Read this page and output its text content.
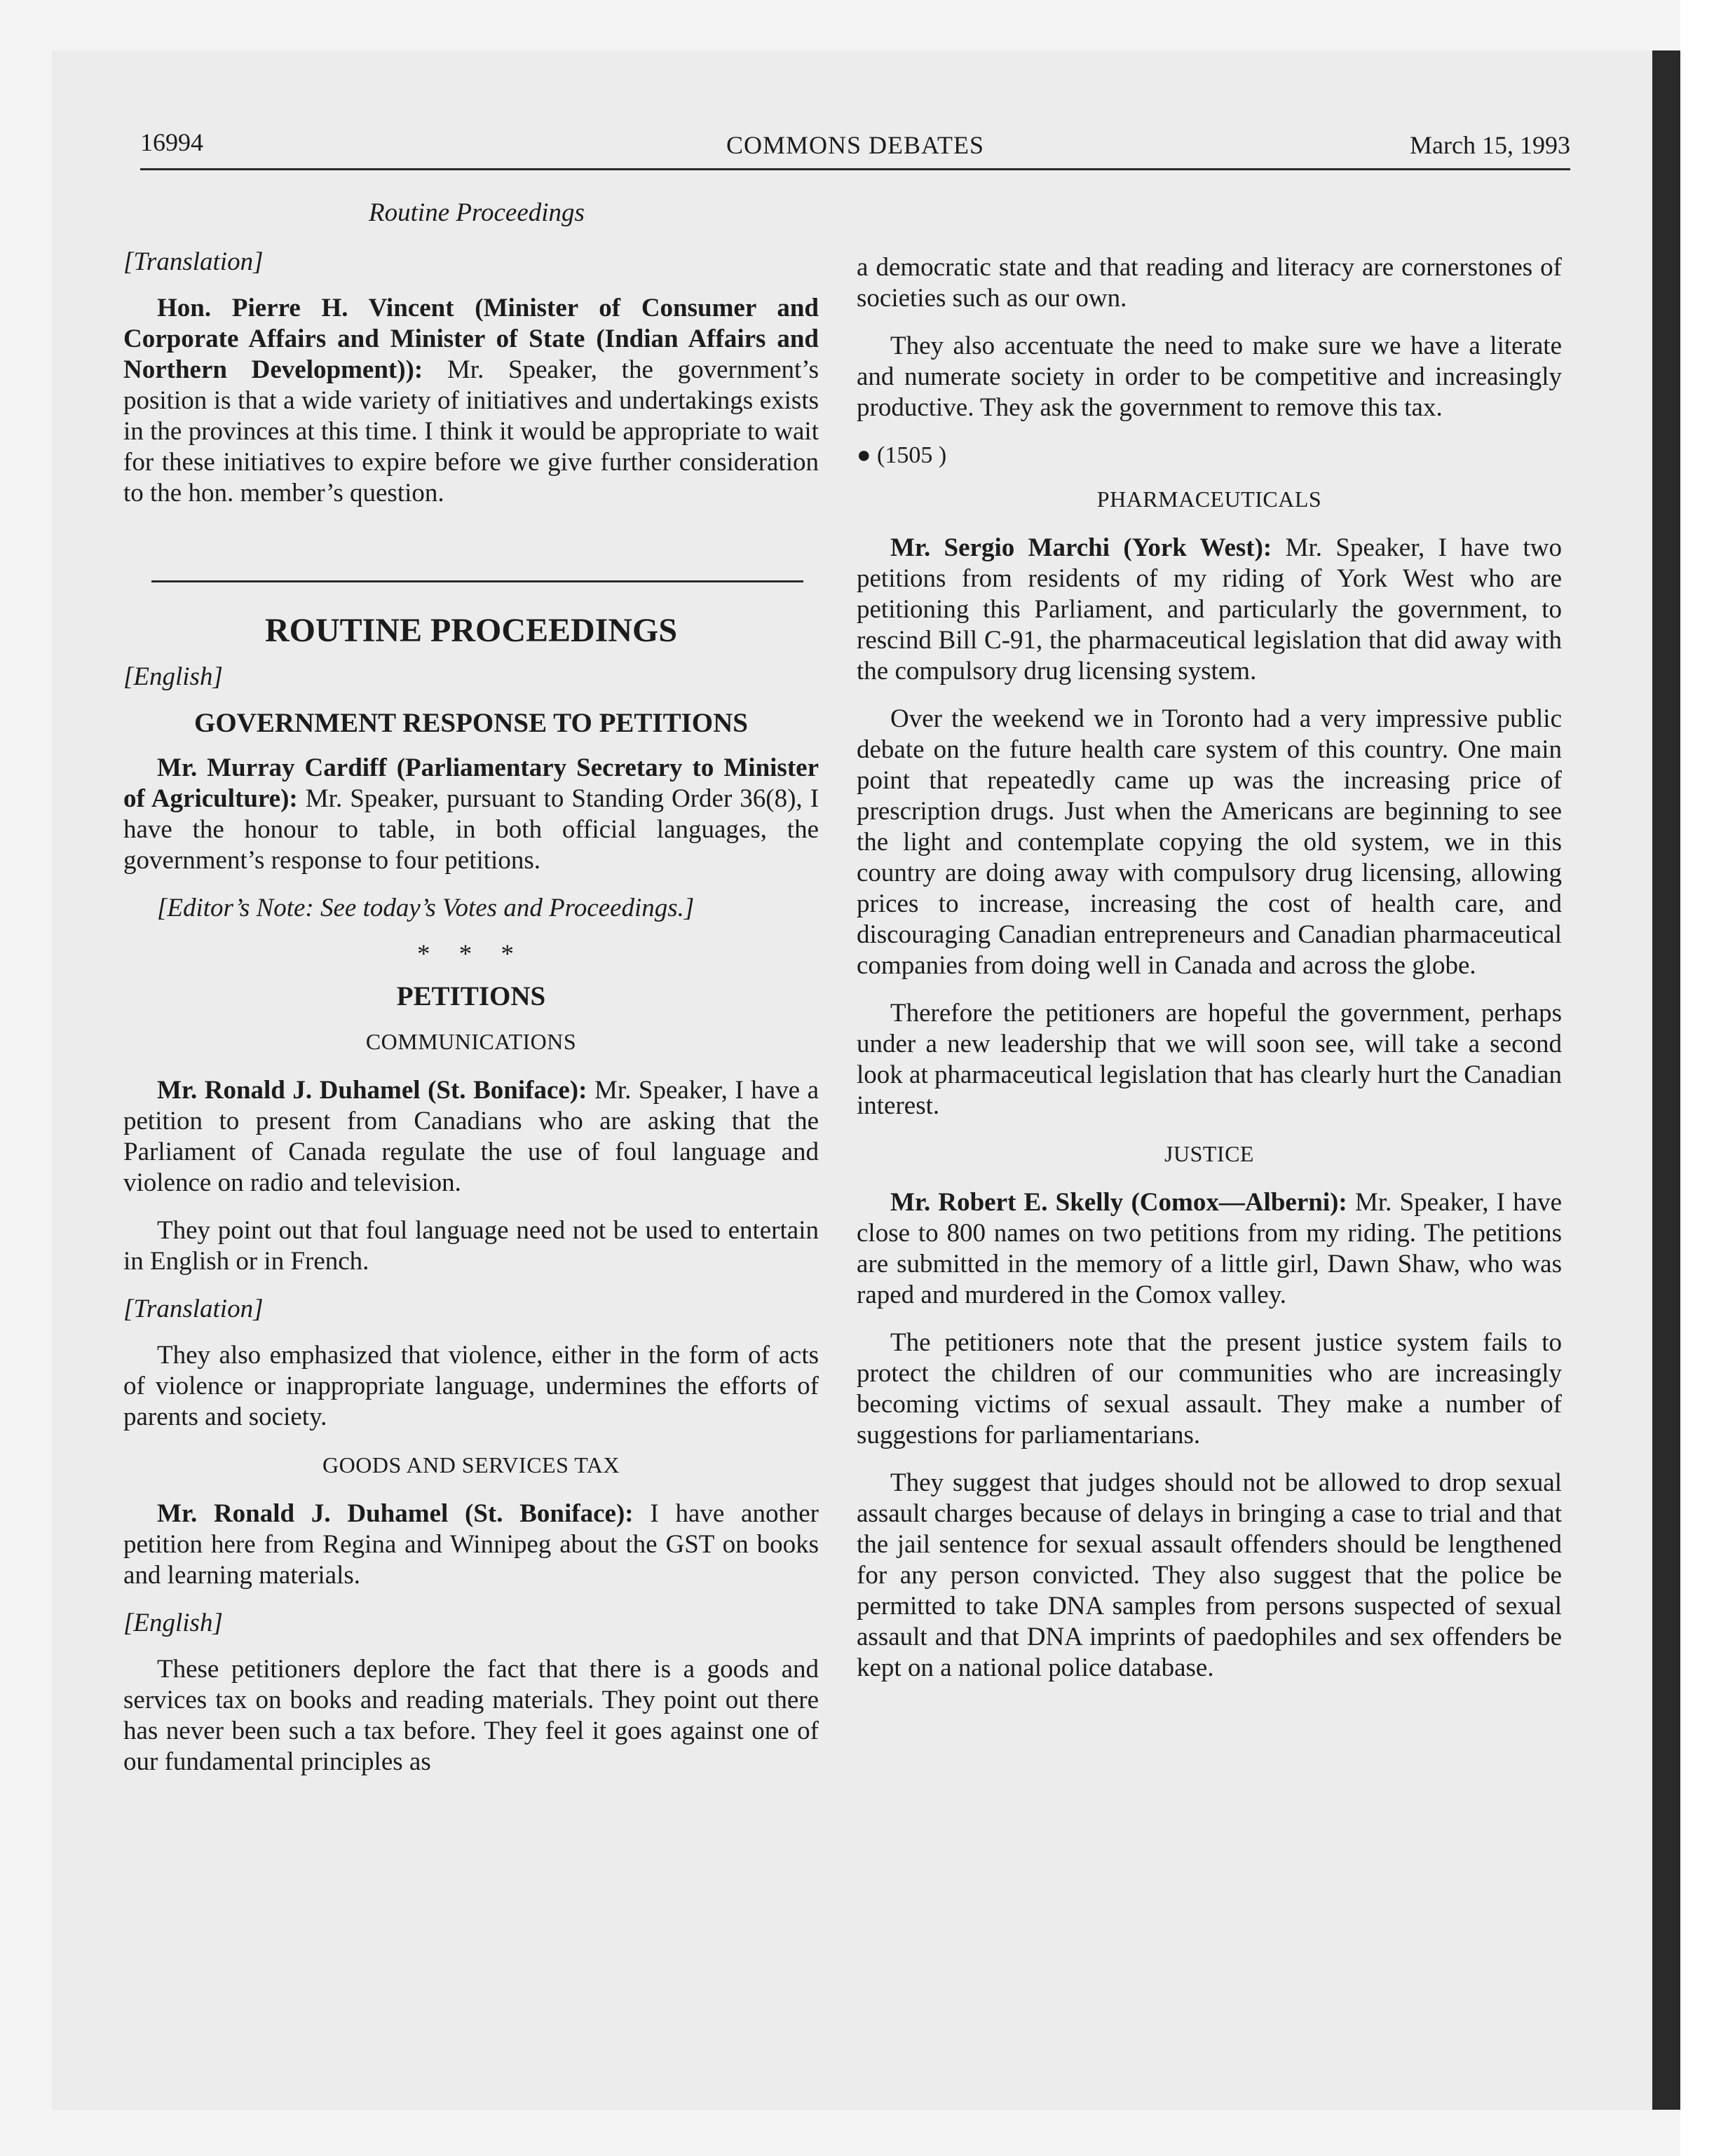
16994	COMMONS DEBATES	March 15, 1993
Routine Proceedings

[Translation]

Hon. Pierre H. Vincent (Minister of Consumer and Corporate Affairs and Minister of State (Indian Affairs and Northern Development)): Mr. Speaker, the government’s position is that a wide variety of initiatives and undertakings exists in the provinces at this time. I think it would be appropriate to wait for these initiatives to expire before we give further consideration to the hon. member’s question.

ROUTINE PROCEEDINGS

[English]

GOVERNMENT RESPONSE TO PETITIONS

Mr. Murray Cardiff (Parliamentary Secretary to Minister of Agriculture): Mr. Speaker, pursuant to Standing Order 36(8), I have the honour to table, in both official languages, the government’s response to four petitions.

[Editor’s Note: See today’s Votes and Proceedings.]

* * *
PETITIONS
COMMUNICATIONS

Mr. Ronald J. Duhamel (St. Boniface): Mr. Speaker, I have a petition to present from Canadians who are asking that the Parliament of Canada regulate the use of foul language and violence on radio and television.

They point out that foul language need not be used to entertain in English or in French.

[Translation]

They also emphasized that violence, either in the form of acts of violence or inappropriate language, undermines the efforts of parents and society.

GOODS AND SERVICES TAX

Mr. Ronald J. Duhamel (St. Boniface): I have another petition here from Regina and Winnipeg about the GST on books and learning materials.

[English]

These petitioners deplore the fact that there is a goods and services tax on books and reading materials. They point out there has never been such a tax before. They feel it goes against one of our fundamental principles as

a democratic state and that reading and literacy are cornerstones of societies such as our own.

They also accentuate the need to make sure we have a literate and numerate society in order to be competitive and increasingly productive. They ask the government to remove this tax.

● (1505 )
PHARMACEUTICALS

Mr. Sergio Marchi (York West): Mr. Speaker, I have two petitions from residents of my riding of York West who are petitioning this Parliament, and particularly the government, to rescind Bill C-91, the pharmaceutical legislation that did away with the compulsory drug licensing system.

Over the weekend we in Toronto had a very impressive public debate on the future health care system of this country. One main point that repeatedly came up was the increasing price of prescription drugs. Just when the Americans are beginning to see the light and contemplate copying the old system, we in this country are doing away with compulsory drug licensing, allowing prices to increase, increasing the cost of health care, and discouraging Canadian entrepreneurs and Canadian pharmaceutical companies from doing well in Canada and across the globe.

Therefore the petitioners are hopeful the government, perhaps under a new leadership that we will soon see, will take a second look at pharmaceutical legislation that has clearly hurt the Canadian interest.

JUSTICE

Mr. Robert E. Skelly (Comox—Alberni): Mr. Speaker, I have close to 800 names on two petitions from my riding. The petitions are submitted in the memory of a little girl, Dawn Shaw, who was raped and murdered in the Comox valley.

The petitioners note that the present justice system fails to protect the children of our communities who are increasingly becoming victims of sexual assault. They make a number of suggestions for parliamentarians.

They suggest that judges should not be allowed to drop sexual assault charges because of delays in bringing a case to trial and that the jail sentence for sexual assault offenders should be lengthened for any person convicted. They also suggest that the police be permitted to take DNA samples from persons suspected of sexual assault and that DNA imprints of paedophiles and sex offenders be kept on a national police database.
